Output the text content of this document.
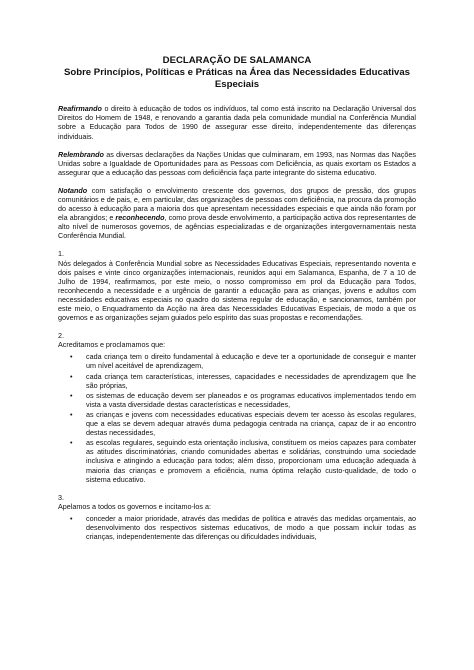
DECLARAÇÃO DE SALAMANCA
Sobre Princípios, Políticas e Práticas na Área das Necessidades Educativas Especiais

Reafirmando o direito à educação de todos os indivíduos, tal como está inscrito na Declaração Universal dos Direitos do Homem de 1948, e renovando a garantia dada pela comunidade mundial na Conferência Mundial sobre a Educação para Todos de 1990 de assegurar esse direito, independentemente das diferenças individuais.

Relembrando as diversas declarações da Nações Unidas que culminaram, em 1993, nas Normas das Nações Unidas sobre a Igualdade de Oportunidades para as Pessoas com Deficiência, as quais exortam os Estados a assegurar que a educação das pessoas com deficiência faça parte integrante do sistema educativo.

Notando com satisfação o envolvimento crescente dos governos, dos grupos de pressão, dos grupos comunitários e de pais, e, em particular, das organizações de pessoas com deficiência, na procura da promoção do acesso à educação para a maioria dos que apresentam necessidades especiais e que ainda não foram por ela abrangidos; e reconhecendo, como prova desde envolvimento, a participação activa dos representantes de alto nível de numerosos governos, de agências especializadas e de organizações intergovernamentais nesta Conferência Mundial.

1.

Nós delegados à Conferência Mundial sobre as Necessidades Educativas Especiais, representando noventa e dois países e vinte cinco organizações internacionais, reunidos aqui em Salamanca, Espanha, de 7 a 10 de Julho de 1994, reafirmamos, por este meio, o nosso compromisso em prol da Educação para Todos, reconhecendo a necessidade e a urgência de garantir a educação para as crianças, jovens e adultos com necessidades educativas especiais no quadro do sistema regular de educação, e sancionamos, também por este meio, o Enquadramento da Acção na área das Necessidades Educativas Especiais, de modo a que os governos e as organizações sejam guiados pelo espírito das suas propostas e recomendações.

2.
Acreditamos e proclamamos que:
• cada criança tem o direito fundamental à educação e deve ter a oportunidade de conseguir e manter um nível aceitável de aprendizagem,
• cada criança tem características, interesses, capacidades e necessidades de aprendizagem que lhe são próprias,
• os sistemas de educação devem ser planeados e os programas educativos implementados tendo em vista a vasta diversidade destas características e necessidades,
• as crianças e jovens com necessidades educativas especiais devem ter acesso às escolas regulares, que a elas se devem adequar através duma pedagogia centrada na criança, capaz de ir ao encontro destas necessidades,
• as escolas regulares, seguindo esta orientação inclusiva, constituem os meios capazes para combater as atitudes discriminatórias, criando comunidades abertas e solidárias, construindo uma sociedade inclusiva e atingindo a educação para todos; além disso, proporcionam uma educação adequada à maioria das crianças e promovem a eficiência, numa óptima relação custo-qualidade, de todo o sistema educativo.
3.
Apelamos a todos os governos e incitamo-los a:
• conceder a maior prioridade, através das medidas de política e através das medidas orçamentais, ao desenvolvimento dos respectivos sistemas educativos, de modo a que possam incluir todas as crianças, independentemente das diferenças ou dificuldades individuais,
